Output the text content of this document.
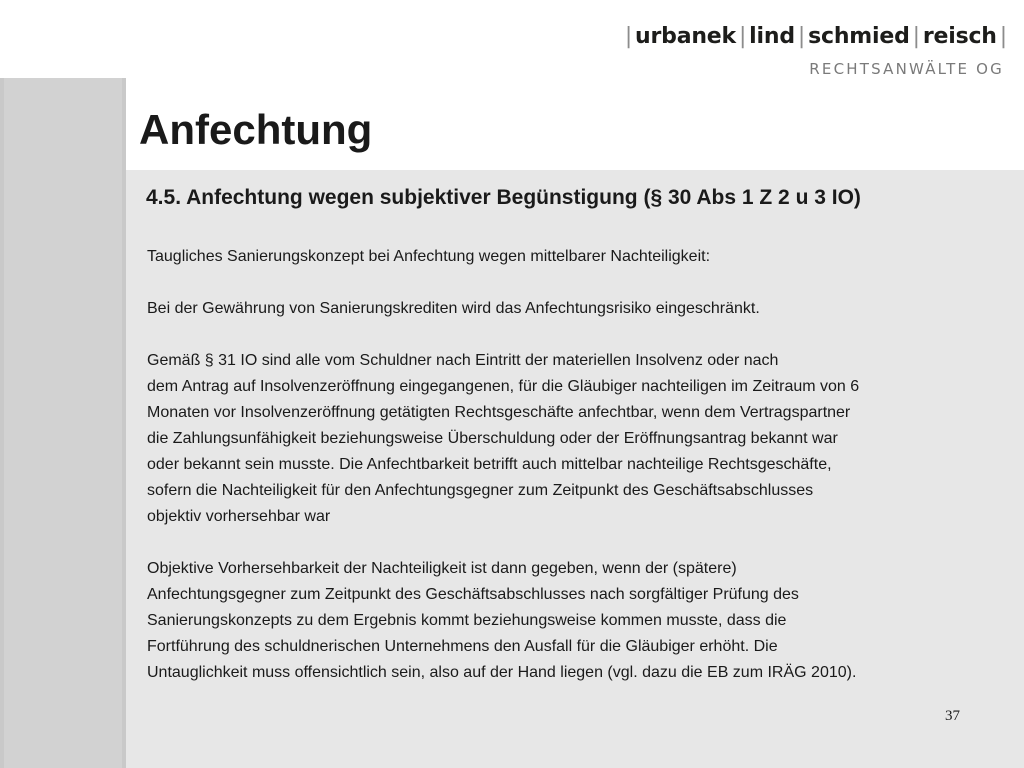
| urbanek | lind | schmied | reisch |
RECHTSANWÄLTE OG
Anfechtung
4.5. Anfechtung wegen subjektiver Begünstigung (§ 30 Abs 1 Z 2 u 3 IO)

Taugliches Sanierungskonzept bei Anfechtung wegen mittelbarer Nachteiligkeit:

Bei der Gewährung von Sanierungskrediten wird das Anfechtungsrisiko eingeschränkt.

Gemäß § 31 IO sind alle vom Schuldner nach Eintritt der materiellen Insolvenz oder nach
dem Antrag auf Insolvenzeröffnung eingegangenen, für die Gläubiger nachteiligen im Zeitraum von 6
Monaten vor Insolvenzeröffnung getätigten Rechtsgeschäfte anfechtbar, wenn dem Vertragspartner
die Zahlungsunfähigkeit beziehungsweise Überschuldung oder der Eröffnungsantrag bekannt war
oder bekannt sein musste. Die Anfechtbarkeit betrifft auch mittelbar nachteilige Rechtsgeschäfte,
sofern die Nachteiligkeit für den Anfechtungsgegner zum Zeitpunkt des Geschäftsabschlusses
objektiv vorhersehbar war

Objektive Vorhersehbarkeit der Nachteiligkeit ist dann gegeben, wenn der (spätere)
Anfechtungsgegner zum Zeitpunkt des Geschäftsabschlusses nach sorgfältiger Prüfung des
Sanierungskonzepts zu dem Ergebnis kommt beziehungsweise kommen musste, dass die
Fortführung des schuldnerischen Unternehmens den Ausfall für die Gläubiger erhöht. Die
Untauglichkeit muss offensichtlich sein, also auf der Hand liegen (vgl. dazu die EB zum IRÄG 2010).

37
